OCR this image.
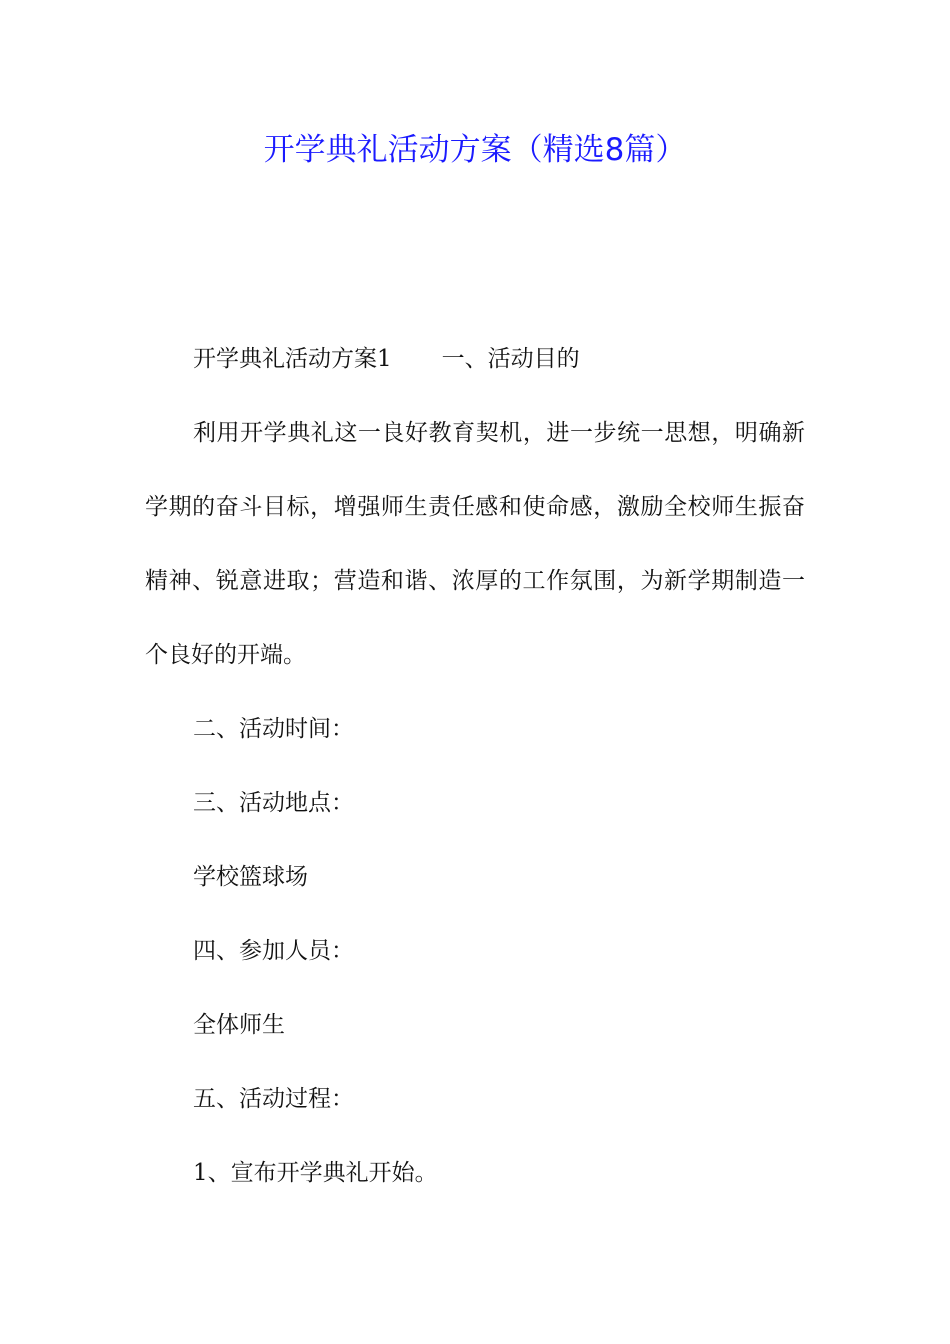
开学典礼活动方案（精选8篇）

开学典礼活动方案1 一、活动目的

利用开学典礼这一良好教育契机，进一步统一思想，明确新学期的奋斗目标，增强师生责任感和使命感，激励全校师生振奋精神、锐意进取；营造和谐、浓厚的工作氛围，为新学期制造一个良好的开端。

二、活动时间：

三、活动地点：

学校篮球场

四、参加人员：

全体师生

五、活动过程：

1、宣布开学典礼开始。
